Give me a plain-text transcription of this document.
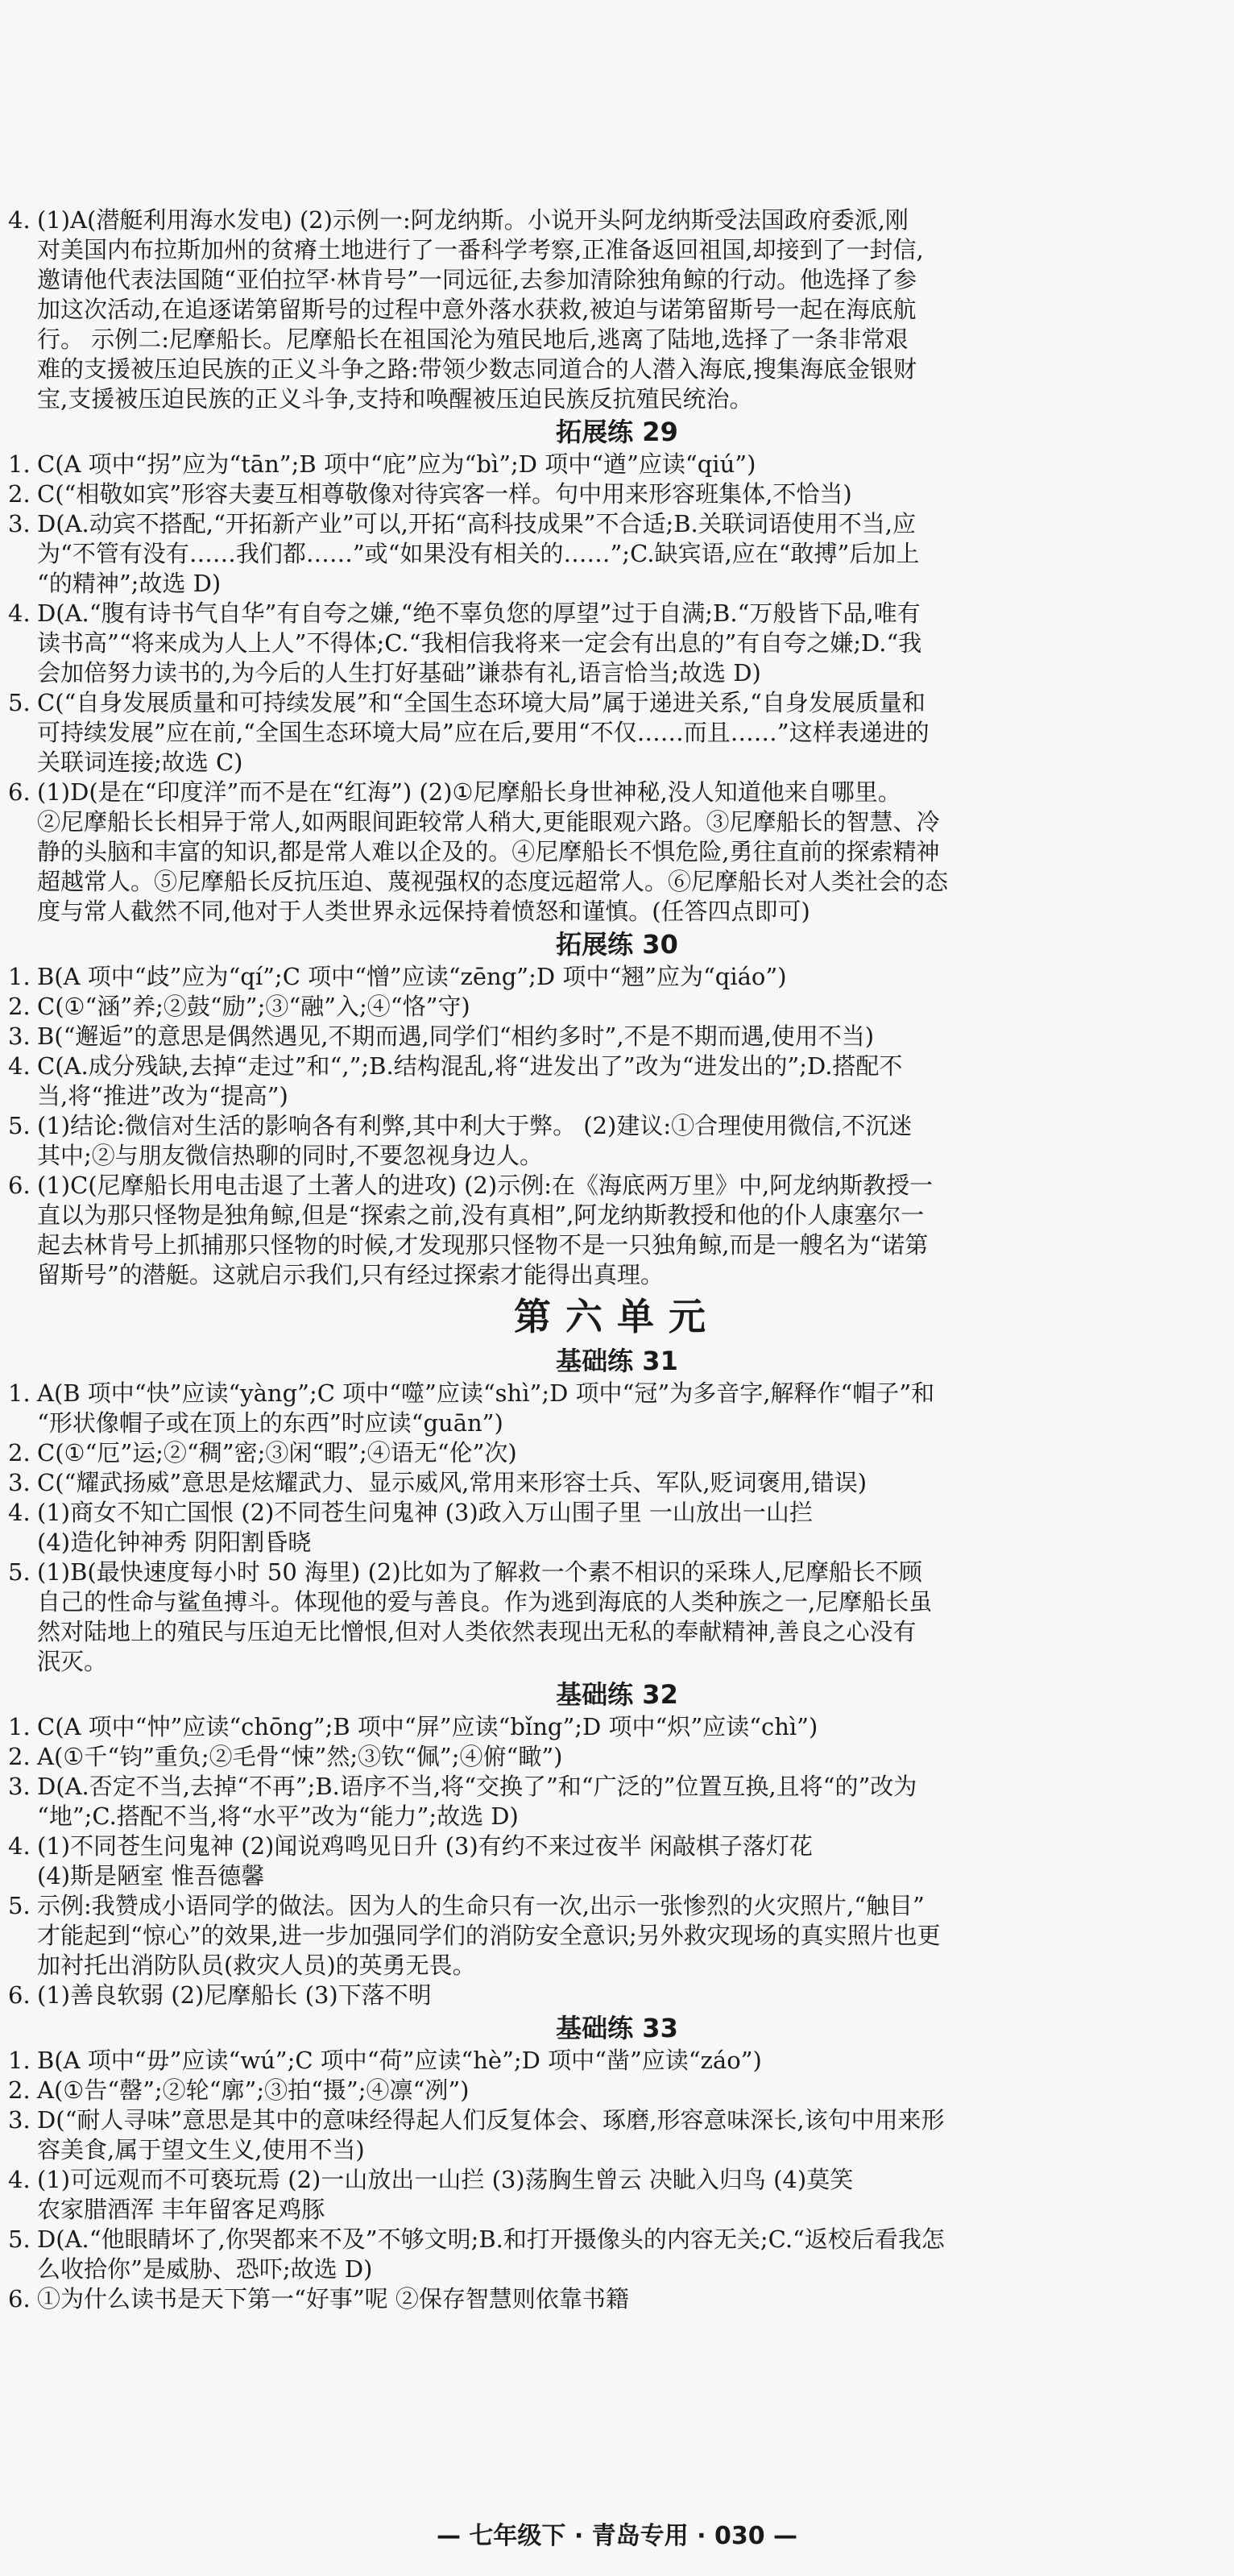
4. (1)A(潜艇利用海水发电) (2)示例一:阿龙纳斯。小说开头阿龙纳斯受法国政府委派,刚
对美国内布拉斯加州的贫瘠土地进行了一番科学考察,正准备返回祖国,却接到了一封信,
邀请他代表法国随“亚伯拉罕·林肯号”一同远征,去参加清除独角鲸的行动。他选择了参
加这次活动,在追逐诺第留斯号的过程中意外落水获救,被迫与诺第留斯号一起在海底航
行。 示例二:尼摩船长。尼摩船长在祖国沦为殖民地后,逃离了陆地,选择了一条非常艰
难的支援被压迫民族的正义斗争之路:带领少数志同道合的人潜入海底,搜集海底金银财
宝,支援被压迫民族的正义斗争,支持和唤醒被压迫民族反抗殖民统治。
拓展练 29
1. C(A 项中“拐”应为“tān”;B 项中“庇”应为“bì”;D 项中“遒”应读“qiú”)
2. C(“相敬如宾”形容夫妻互相尊敬像对待宾客一样。句中用来形容班集体,不恰当)
3. D(A.动宾不搭配,“开拓新产业”可以,开拓“高科技成果”不合适;B.关联词语使用不当,应
为“不管有没有……我们都……”或“如果没有相关的……”;C.缺宾语,应在“敢搏”后加上
“的精神”;故选 D)
4. D(A.“腹有诗书气自华”有自夸之嫌,“绝不辜负您的厚望”过于自满;B.“万般皆下品,唯有
读书高”“将来成为人上人”不得体;C.“我相信我将来一定会有出息的”有自夸之嫌;D.“我
会加倍努力读书的,为今后的人生打好基础”谦恭有礼,语言恰当;故选 D)
5. C(“自身发展质量和可持续发展”和“全国生态环境大局”属于递进关系,“自身发展质量和
可持续发展”应在前,“全国生态环境大局”应在后,要用“不仅……而且……”这样表递进的
关联词连接;故选 C)
6. (1)D(是在“印度洋”而不是在“红海”) (2)①尼摩船长身世神秘,没人知道他来自哪里。
②尼摩船长长相异于常人,如两眼间距较常人稍大,更能眼观六路。③尼摩船长的智慧、冷
静的头脑和丰富的知识,都是常人难以企及的。④尼摩船长不惧危险,勇往直前的探索精神
超越常人。⑤尼摩船长反抗压迫、蔑视强权的态度远超常人。⑥尼摩船长对人类社会的态
度与常人截然不同,他对于人类世界永远保持着愤怒和谨慎。(任答四点即可)
拓展练 30
1. B(A 项中“歧”应为“qí”;C 项中“憎”应读“zēng”;D 项中“翘”应为“qiáo”)
2. C(①“涵”养;②鼓“励”;③“融”入;④“恪”守)
3. B(“邂逅”的意思是偶然遇见,不期而遇,同学们“相约多时”,不是不期而遇,使用不当)
4. C(A.成分残缺,去掉“走过”和“,”;B.结构混乱,将“进发出了”改为“进发出的”;D.搭配不
当,将“推进”改为“提高”)
5. (1)结论:微信对生活的影响各有利弊,其中利大于弊。 (2)建议:①合理使用微信,不沉迷
其中;②与朋友微信热聊的同时,不要忽视身边人。
6. (1)C(尼摩船长用电击退了土著人的进攻) (2)示例:在《海底两万里》中,阿龙纳斯教授一
直以为那只怪物是独角鲸,但是“探索之前,没有真相”,阿龙纳斯教授和他的仆人康塞尔一
起去林肯号上抓捕那只怪物的时候,才发现那只怪物不是一只独角鲸,而是一艘名为“诺第
留斯号”的潜艇。这就启示我们,只有经过探索才能得出真理。
第六单元
基础练 31
1. A(B 项中“快”应读“yàng”;C 项中“噬”应读“shì”;D 项中“冠”为多音字,解释作“帽子”和
“形状像帽子或在顶上的东西”时应读“guān”)
2. C(①“厄”运;②“稠”密;③闲“暇”;④语无“伦”次)
3. C(“耀武扬威”意思是炫耀武力、显示威风,常用来形容士兵、军队,贬词褒用,错误)
4. (1)商女不知亡国恨 (2)不同苍生问鬼神 (3)政入万山围子里 一山放出一山拦
(4)造化钟神秀 阴阳割昏晓
5. (1)B(最快速度每小时 50 海里) (2)比如为了解救一个素不相识的采珠人,尼摩船长不顾
自己的性命与鲨鱼搏斗。体现他的爱与善良。作为逃到海底的人类种族之一,尼摩船长虽
然对陆地上的殖民与压迫无比憎恨,但对人类依然表现出无私的奉献精神,善良之心没有
泯灭。
基础练 32
1. C(A 项中“忡”应读“chōng”;B 项中“屏”应读“bǐng”;D 项中“炽”应读“chì”)
2. A(①千“钧”重负;②毛骨“悚”然;③钦“佩”;④俯“瞰”)
3. D(A.否定不当,去掉“不再”;B.语序不当,将“交换了”和“广泛的”位置互换,且将“的”改为
“地”;C.搭配不当,将“水平”改为“能力”;故选 D)
4. (1)不同苍生问鬼神 (2)闻说鸡鸣见日升 (3)有约不来过夜半 闲敲棋子落灯花
(4)斯是陋室 惟吾德馨
5. 示例:我赞成小语同学的做法。因为人的生命只有一次,出示一张惨烈的火灾照片,“触目”
才能起到“惊心”的效果,进一步加强同学们的消防安全意识;另外救灾现场的真实照片也更
加衬托出消防队员(救灾人员)的英勇无畏。
6. (1)善良软弱 (2)尼摩船长 (3)下落不明
基础练 33
1. B(A 项中“毋”应读“wú”;C 项中“荷”应读“hè”;D 项中“凿”应读“záo”)
2. A(①告“罄”;②轮“廓”;③拍“摄”;④凛“冽”)
3. D(“耐人寻味”意思是其中的意味经得起人们反复体会、琢磨,形容意味深长,该句中用来形
容美食,属于望文生义,使用不当)
4. (1)可远观而不可亵玩焉 (2)一山放出一山拦 (3)荡胸生曾云 决眦入归鸟 (4)莫笑
农家腊酒浑 丰年留客足鸡豚
5. D(A.“他眼睛坏了,你哭都来不及”不够文明;B.和打开摄像头的内容无关;C.“返校后看我怎
么收拾你”是威胁、恐吓;故选 D)
6. ①为什么读书是天下第一“好事”呢 ②保存智慧则依靠书籍
— 七年级下 · 青岛专用 · 030 —
